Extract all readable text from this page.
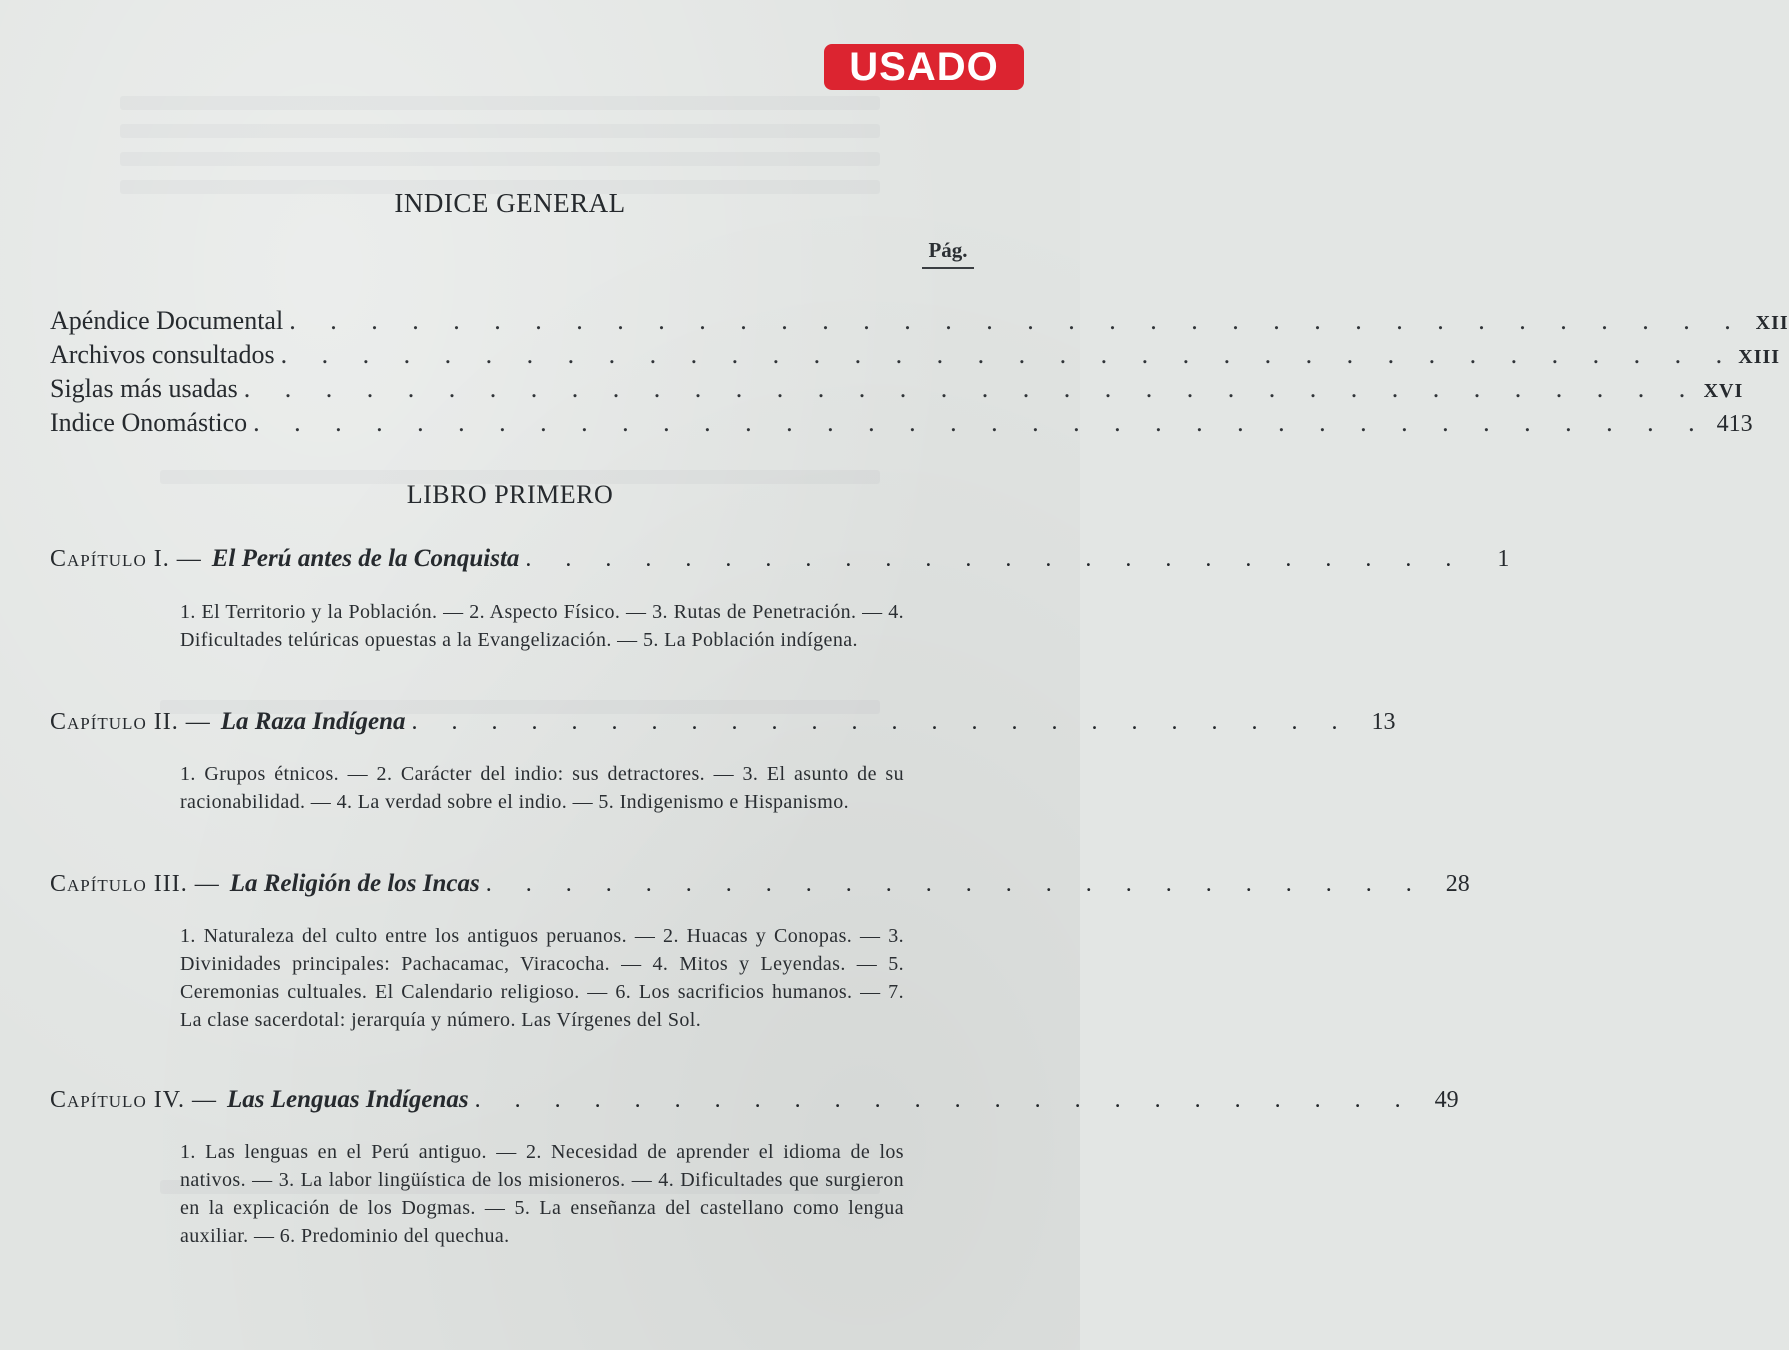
USADO
INDICE GENERAL
Pág.
Apéndice Documental . . . . . . . . . . . . . . . . . . . . . . . . . . . . . . . . . . . . XII
Archivos consultados . . . . . . . . . . . . . . . . . . . . . . . . . . . . . . . . . . . . XIII
Siglas más usadas . . . . . . . . . . . . . . . . . . . . . . . . . . . . . . . . . . . . XVI
Indice Onomástico . . . . . . . . . . . . . . . . . . . . . . . . . . . . . . . . . . . . 413
LIBRO PRIMERO
Capítulo I. — El Perú antes de la Conquista . . . . . . . . . . . . . . . . . . . . . . . .	1
1. El Territorio y la Población. — 2. Aspecto Físico. — 3. Rutas de Penetración. — 4. Dificultades telúricas opuestas a la Evangelización. — 5. La Población indígena.
Capítulo II. — La Raza Indígena . . . . . . . . . . . . . . . . . . . . . . . . 13
1. Grupos étnicos. — 2. Carácter del indio: sus detractores. — 3. El asunto de su racionabilidad. — 4. La verdad sobre el indio. — 5. Indigenismo e Hispanismo.
Capítulo III. — La Religión de los Incas . . . . . . . . . . . . . . . . . . . . . . . . 28
1. Naturaleza del culto entre los antiguos peruanos. — 2. Huacas y Conopas. — 3. Divinidades principales: Pachacamac, Viracocha. — 4. Mitos y Leyendas. — 5. Ceremonias cultuales. El Calendario religioso. — 6. Los sacrificios humanos. — 7. La clase sacerdotal: jerarquía y número. Las Vírgenes del Sol.
Capítulo IV. — Las Lenguas Indígenas . . . . . . . . . . . . . . . . . . . . . . . . 49
1. Las lenguas en el Perú antiguo. — 2. Necesidad de aprender el idioma de los nativos. — 3. La labor lingüística de los misioneros. — 4. Dificultades que surgieron en la explicación de los Dogmas. — 5. La enseñanza del castellano como lengua auxiliar. — 6. Predominio del quechua.
